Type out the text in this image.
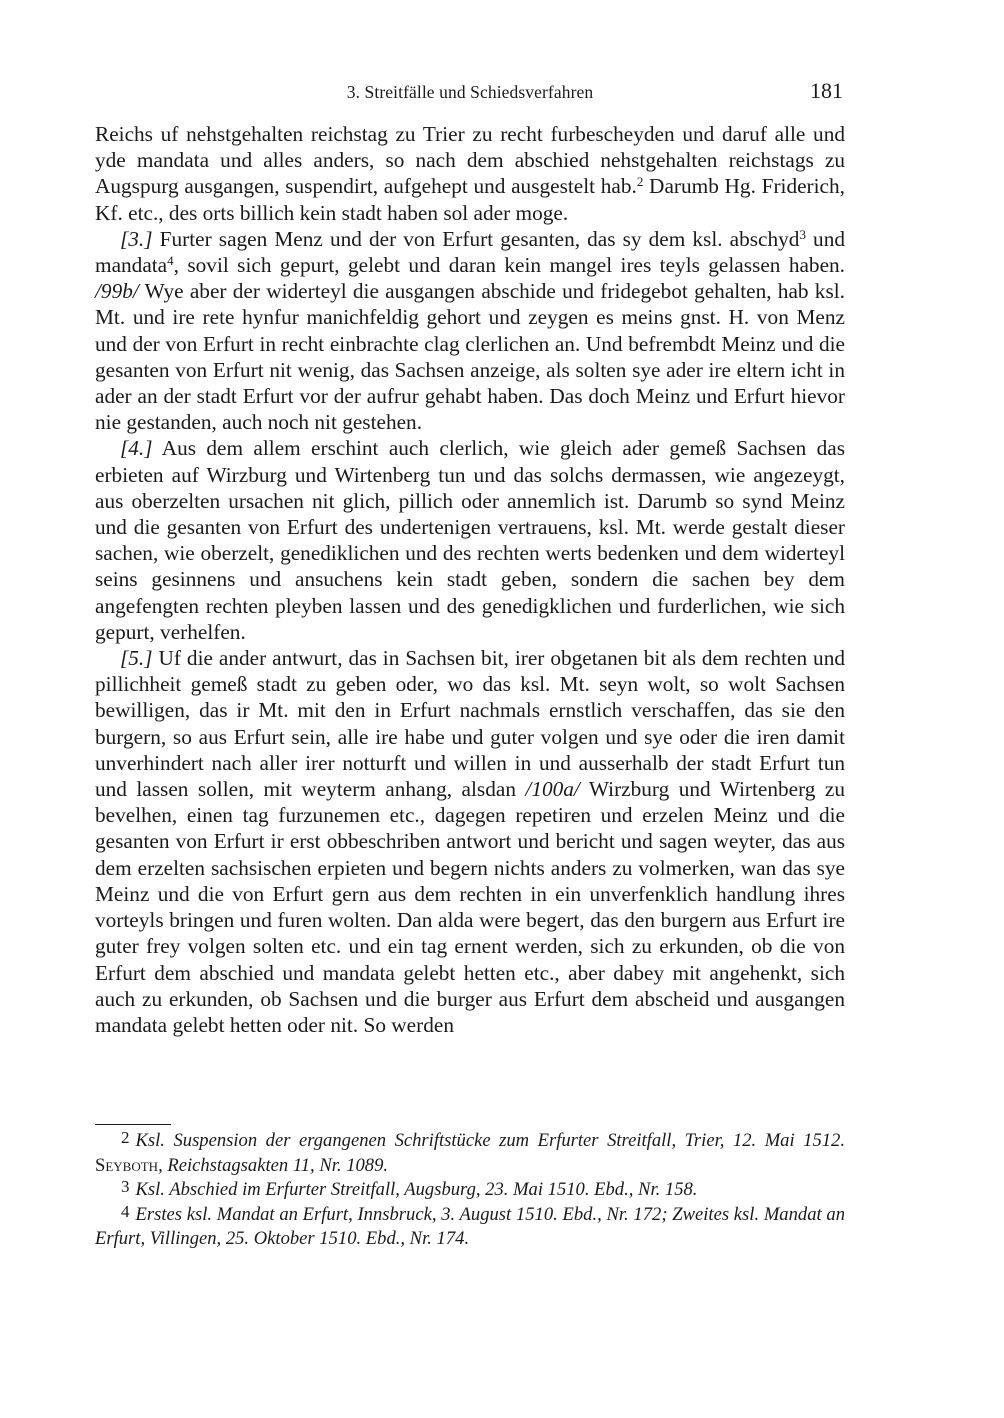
3. Streitfälle und Schiedsverfahren	181

Reichs uf nehstgehalten reichstag zu Trier zu recht furbescheyden und daruf alle und yde mandata und alles anders, so nach dem abschied nehstgehalten reichstags zu Augspurg ausgangen, suspendirt, aufgehept und ausgestelt hab.$^2$ Darumb Hg. Friderich, Kf. etc., des orts billich kein stadt haben sol ader moge.

[3.] Furter sagen Menz und der von Erfurt gesanten, das sy dem ksl. abschyd$^3$ und mandata$^4$, sovil sich gepurt, gelebt und daran kein mangel ires teyls gelassen haben. /99b/ Wye aber der widerteyl die ausgangen abschide und fridegebot gehalten, hab ksl. Mt. und ire rete hynfur manichfeldig gehort und zeygen es meins gnst. H. von Menz und der von Erfurt in recht einbrachte clag clerlichen an. Und befrembdt Meinz und die gesanten von Erfurt nit wenig, das Sachsen anzeige, als solten sye ader ire eltern icht in ader an der stadt Erfurt vor der aufrur gehabt haben. Das doch Meinz und Erfurt hievor nie gestanden, auch noch nit gestehen.

[4.] Aus dem allem erschint auch clerlich, wie gleich ader gemeß Sachsen das erbieten auf Wirzburg und Wirtenberg tun und das solchs dermassen, wie angezeygt, aus oberzelten ursachen nit glich, pillich oder annemlich ist. Darumb so synd Meinz und die gesanten von Erfurt des undertenigen vertrauens, ksl. Mt. werde gestalt dieser sachen, wie oberzelt, genediklichen und des rechten werts bedenken und dem widerteyl seins gesinnens und ansuchens kein stadt geben, sondern die sachen bey dem angefengten rechten pleyben lassen und des genedigklichen und furderlichen, wie sich gepurt, verhelfen.

[5.] Uf die ander antwurt, das in Sachsen bit, irer obgetanen bit als dem rechten und pillichheit gemeß stadt zu geben oder, wo das ksl. Mt. seyn wolt, so wolt Sachsen bewilligen, das ir Mt. mit den in Erfurt nachmals ernstlich verschaffen, das sie den burgern, so aus Erfurt sein, alle ire habe und guter volgen und sye oder die iren damit unverhindert nach aller irer notturft und willen in und ausserhalb der stadt Erfurt tun und lassen sollen, mit weyterm anhang, alsdan /100a/ Wirzburg und Wirtenberg zu bevelhen, einen tag furzunemen etc., dagegen repetiren und erzelen Meinz und die gesanten von Erfurt ir erst obbeschriben antwort und bericht und sagen weyter, das aus dem erzelten sachsischen erpieten und begern nichts anders zu volmerken, wan das sye Meinz und die von Erfurt gern aus dem rechten in ein unverfenklich handlung ihres vorteyls bringen und furen wolten. Dan alda were begert, das den burgern aus Erfurt ire guter frey volgen solten etc. und ein tag ernent werden, sich zu erkunden, ob die von Erfurt dem abschied und mandata gelebt hetten etc., aber dabey mit angehenkt, sich auch zu erkunden, ob Sachsen und die burger aus Erfurt dem abscheid und ausgangen mandata gelebt hetten oder nit. So werden

2 Ksl. Suspension der ergangenen Schriftstücke zum Erfurter Streitfall, Trier, 12. Mai 1512. Seyboth, Reichstagsakten 11, Nr. 1089.

3 Ksl. Abschied im Erfurter Streitfall, Augsburg, 23. Mai 1510. Ebd., Nr. 158.

4 Erstes ksl. Mandat an Erfurt, Innsbruck, 3. August 1510. Ebd., Nr. 172; Zweites ksl. Mandat an Erfurt, Villingen, 25. Oktober 1510. Ebd., Nr. 174.
